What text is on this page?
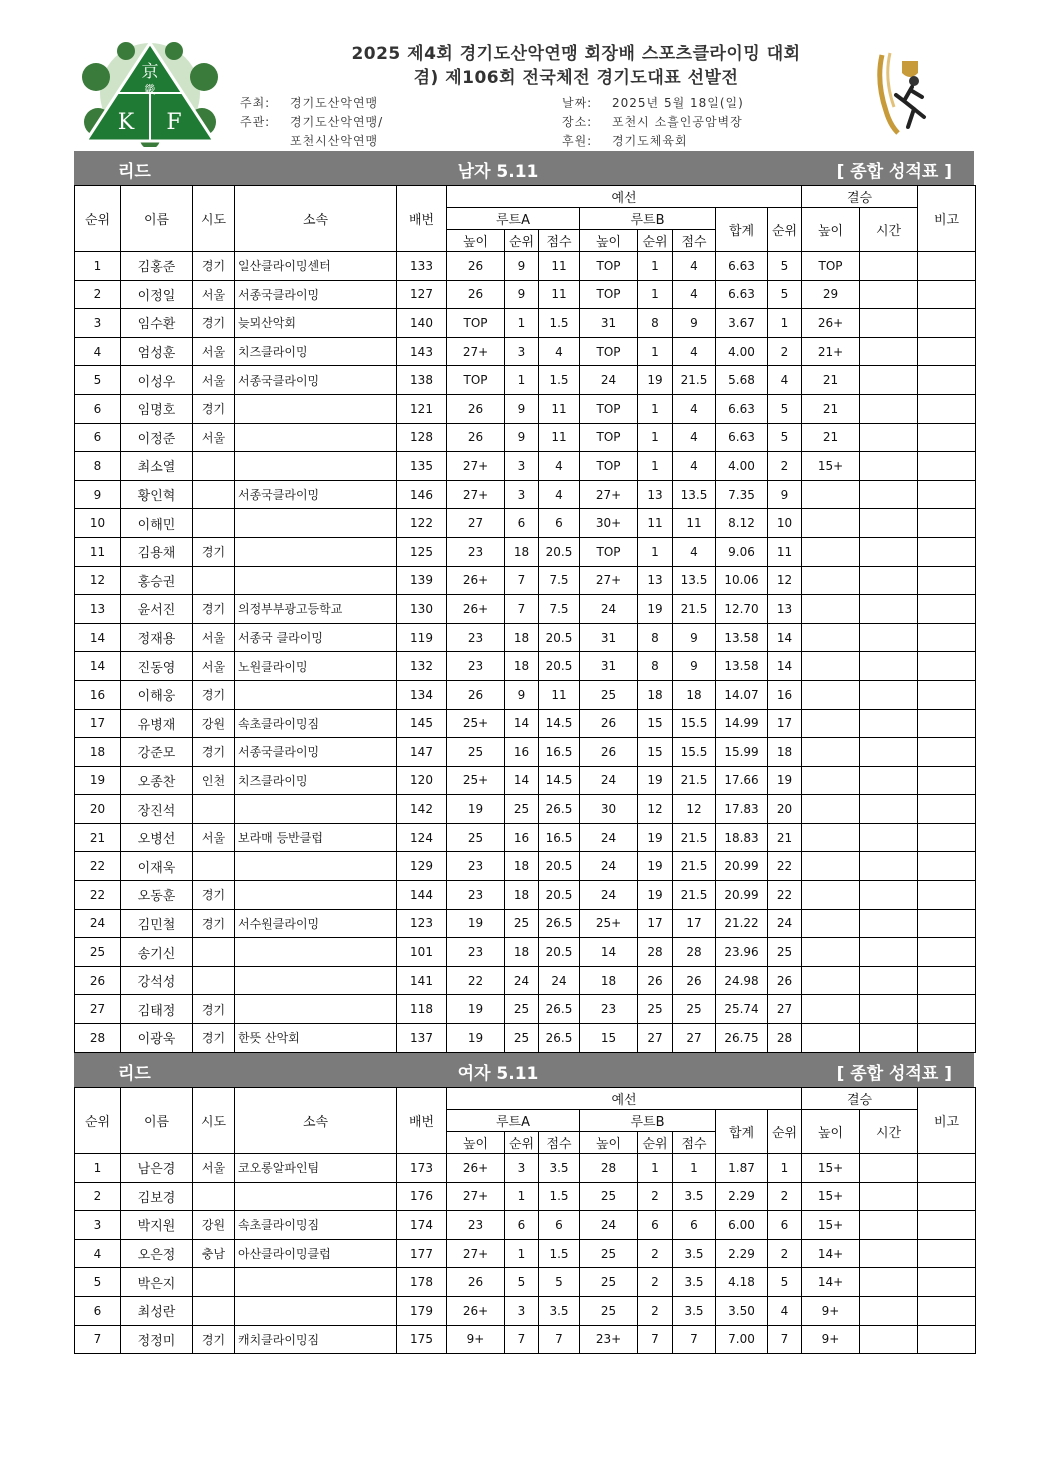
京
畿
K F
2025 제4회 경기도산악연맹 회장배 스포츠클라이밍 대회
겸) 제106회 전국체전 경기도대표 선발전
주최: 경기도산악연맹
주관: 경기도산악연맹/
포천시산악연맹
날짜: 2025년 5월 18일(일)
장소: 포천시 소흘인공암벽장
후원: 경기도체육회
리드	남자 5.11	[ 종합 성적표 ]
순위	이름	시도	소속	배번	예선								결승		비고
					루트A			루트B			합계	순위	높이	시간	
					높이	순위	점수	높이	순위	점수					
1	김홍준	경기	일산클라이밍센터	133	26	9	11	TOP	1	4	6.63	5	TOP		
2	이정일	서울	서종국클라이밍	127	26	9	11	TOP	1	4	6.63	5	29		
3	임수환	경기	늦뫼산악회	140	TOP	1	1.5	31	8	9	3.67	1	26+		
4	엄성훈	서울	치즈클라이밍	143	27+	3	4	TOP	1	4	4.00	2	21+		
5	이성우	서울	서종국클라이밍	138	TOP	1	1.5	24	19	21.5	5.68	4	21		
6	임명호	경기		121	26	9	11	TOP	1	4	6.63	5	21		
6	이정준	서울		128	26	9	11	TOP	1	4	6.63	5	21		
8	최소열			135	27+	3	4	TOP	1	4	4.00	2	15+		
9	황인혁		서종국클라이밍	146	27+	3	4	27+	13	13.5	7.35	9			
10	이해민			122	27	6	6	30+	11	11	8.12	10			
11	김용채	경기		125	23	18	20.5	TOP	1	4	9.06	11			
12	홍승권			139	26+	7	7.5	27+	13	13.5	10.06	12			
13	윤서진	경기	의정부부광고등학교	130	26+	7	7.5	24	19	21.5	12.70	13			
14	정재용	서울	서종국 클라이밍	119	23	18	20.5	31	8	9	13.58	14			
14	진동영	서울	노원클라이밍	132	23	18	20.5	31	8	9	13.58	14			
16	이해웅	경기		134	26	9	11	25	18	18	14.07	16			
17	유병재	강원	속초클라이밍짐	145	25+	14	14.5	26	15	15.5	14.99	17			
18	강준모	경기	서종국클라이밍	147	25	16	16.5	26	15	15.5	15.99	18			
19	오종찬	인천	치즈클라이밍	120	25+	14	14.5	24	19	21.5	17.66	19			
20	장진석			142	19	25	26.5	30	12	12	17.83	20			
21	오병선	서울	보라매 등반클럽	124	25	16	16.5	24	19	21.5	18.83	21			
22	이재욱			129	23	18	20.5	24	19	21.5	20.99	22			
22	오동훈	경기		144	23	18	20.5	24	19	21.5	20.99	22			
24	김민철	경기	서수원클라이밍	123	19	25	26.5	25+	17	17	21.22	24			
25	송기신			101	23	18	20.5	14	28	28	23.96	25			
26	강석성			141	22	24	24	18	26	26	24.98	26			
27	김태정	경기		118	19	25	26.5	23	25	25	25.74	27			
28	이광욱	경기	한뜻 산악회	137	19	25	26.5	15	27	27	26.75	28			
리드	여자 5.11	[ 종합 성적표 ]
순위	이름	시도	소속	배번	예선								결승		비고
					루트A			루트B			합계	순위	높이	시간	
					높이	순위	점수	높이	순위	점수					
1	남은경	서울	코오롱알파인팀	173	26+	3	3.5	28	1	1	1.87	1	15+		
2	김보경			176	27+	1	1.5	25	2	3.5	2.29	2	15+		
3	박지원	강원	속초클라이밍짐	174	23	6	6	24	6	6	6.00	6	15+		
4	오은정	충남	아산클라이밍클럽	177	27+	1	1.5	25	2	3.5	2.29	2	14+		
5	박은지			178	26	5	5	25	2	3.5	4.18	5	14+		
6	최성란			179	26+	3	3.5	25	2	3.5	3.50	4	9+		
7	정정미	경기	캐치클라이밍짐	175	9+	7	7	23+	7	7	7.00	7	9+		
